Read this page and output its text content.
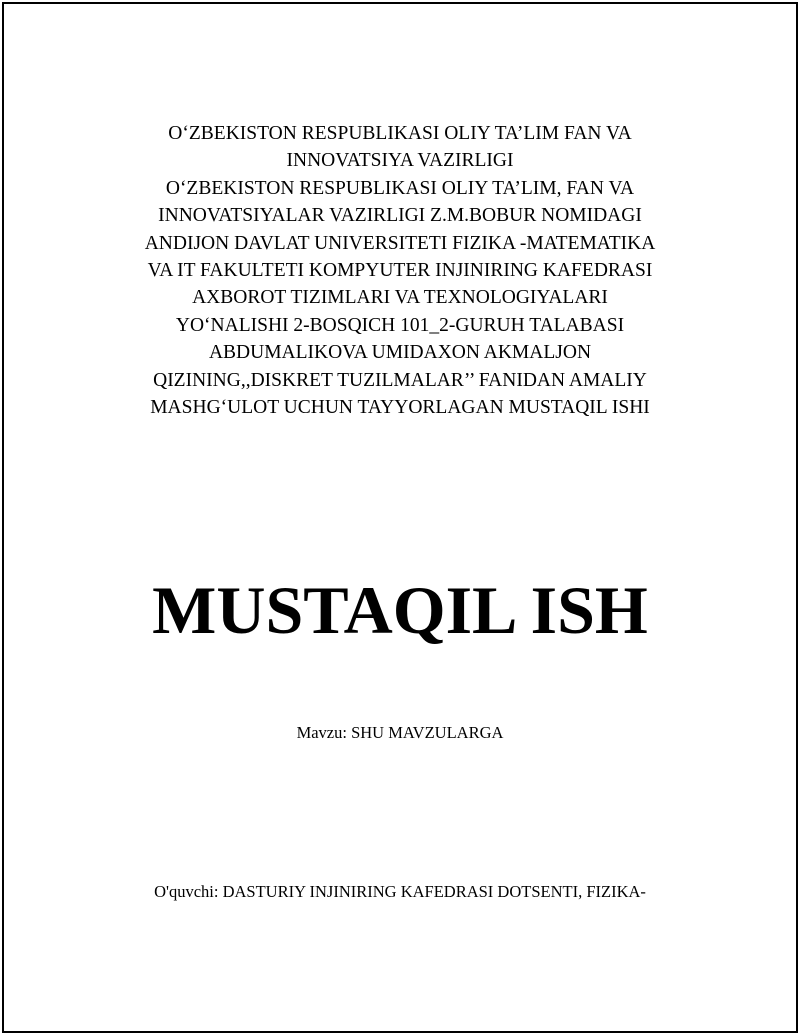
O‘ZBEKISTON RESPUBLIKASI OLIY TA’LIM FAN VA
INNOVATSIYA VAZIRLIGI
O‘ZBEKISTON RESPUBLIKASI OLIY TA’LIM, FAN VA
INNOVATSIYALAR VAZIRLIGI Z.M.BOBUR NOMIDAGI
ANDIJON DAVLAT UNIVERSITETI FIZIKA -MATEMATIKA
VA IT FAKULTETI KOMPYUTER INJINIRING KAFEDRASI
AXBOROT TIZIMLARI VA TEXNOLOGIYALARI
YO‘NALISHI 2-BOSQICH 101_2-GURUH TALABASI
ABDUMALIKOVA UMIDAXON AKMALJON
QIZINING,,DISKRET TUZILMALAR’’ FANIDAN AMALIY
MASHG‘ULOT UCHUN TAYYORLAGAN MUSTAQIL ISHI
MUSTAQIL ISH
Mavzu: SHU MAVZULARGA
O'quvchi: DASTURIY INJINIRING KAFEDRASI DOTSENTI, FIZIKA-
